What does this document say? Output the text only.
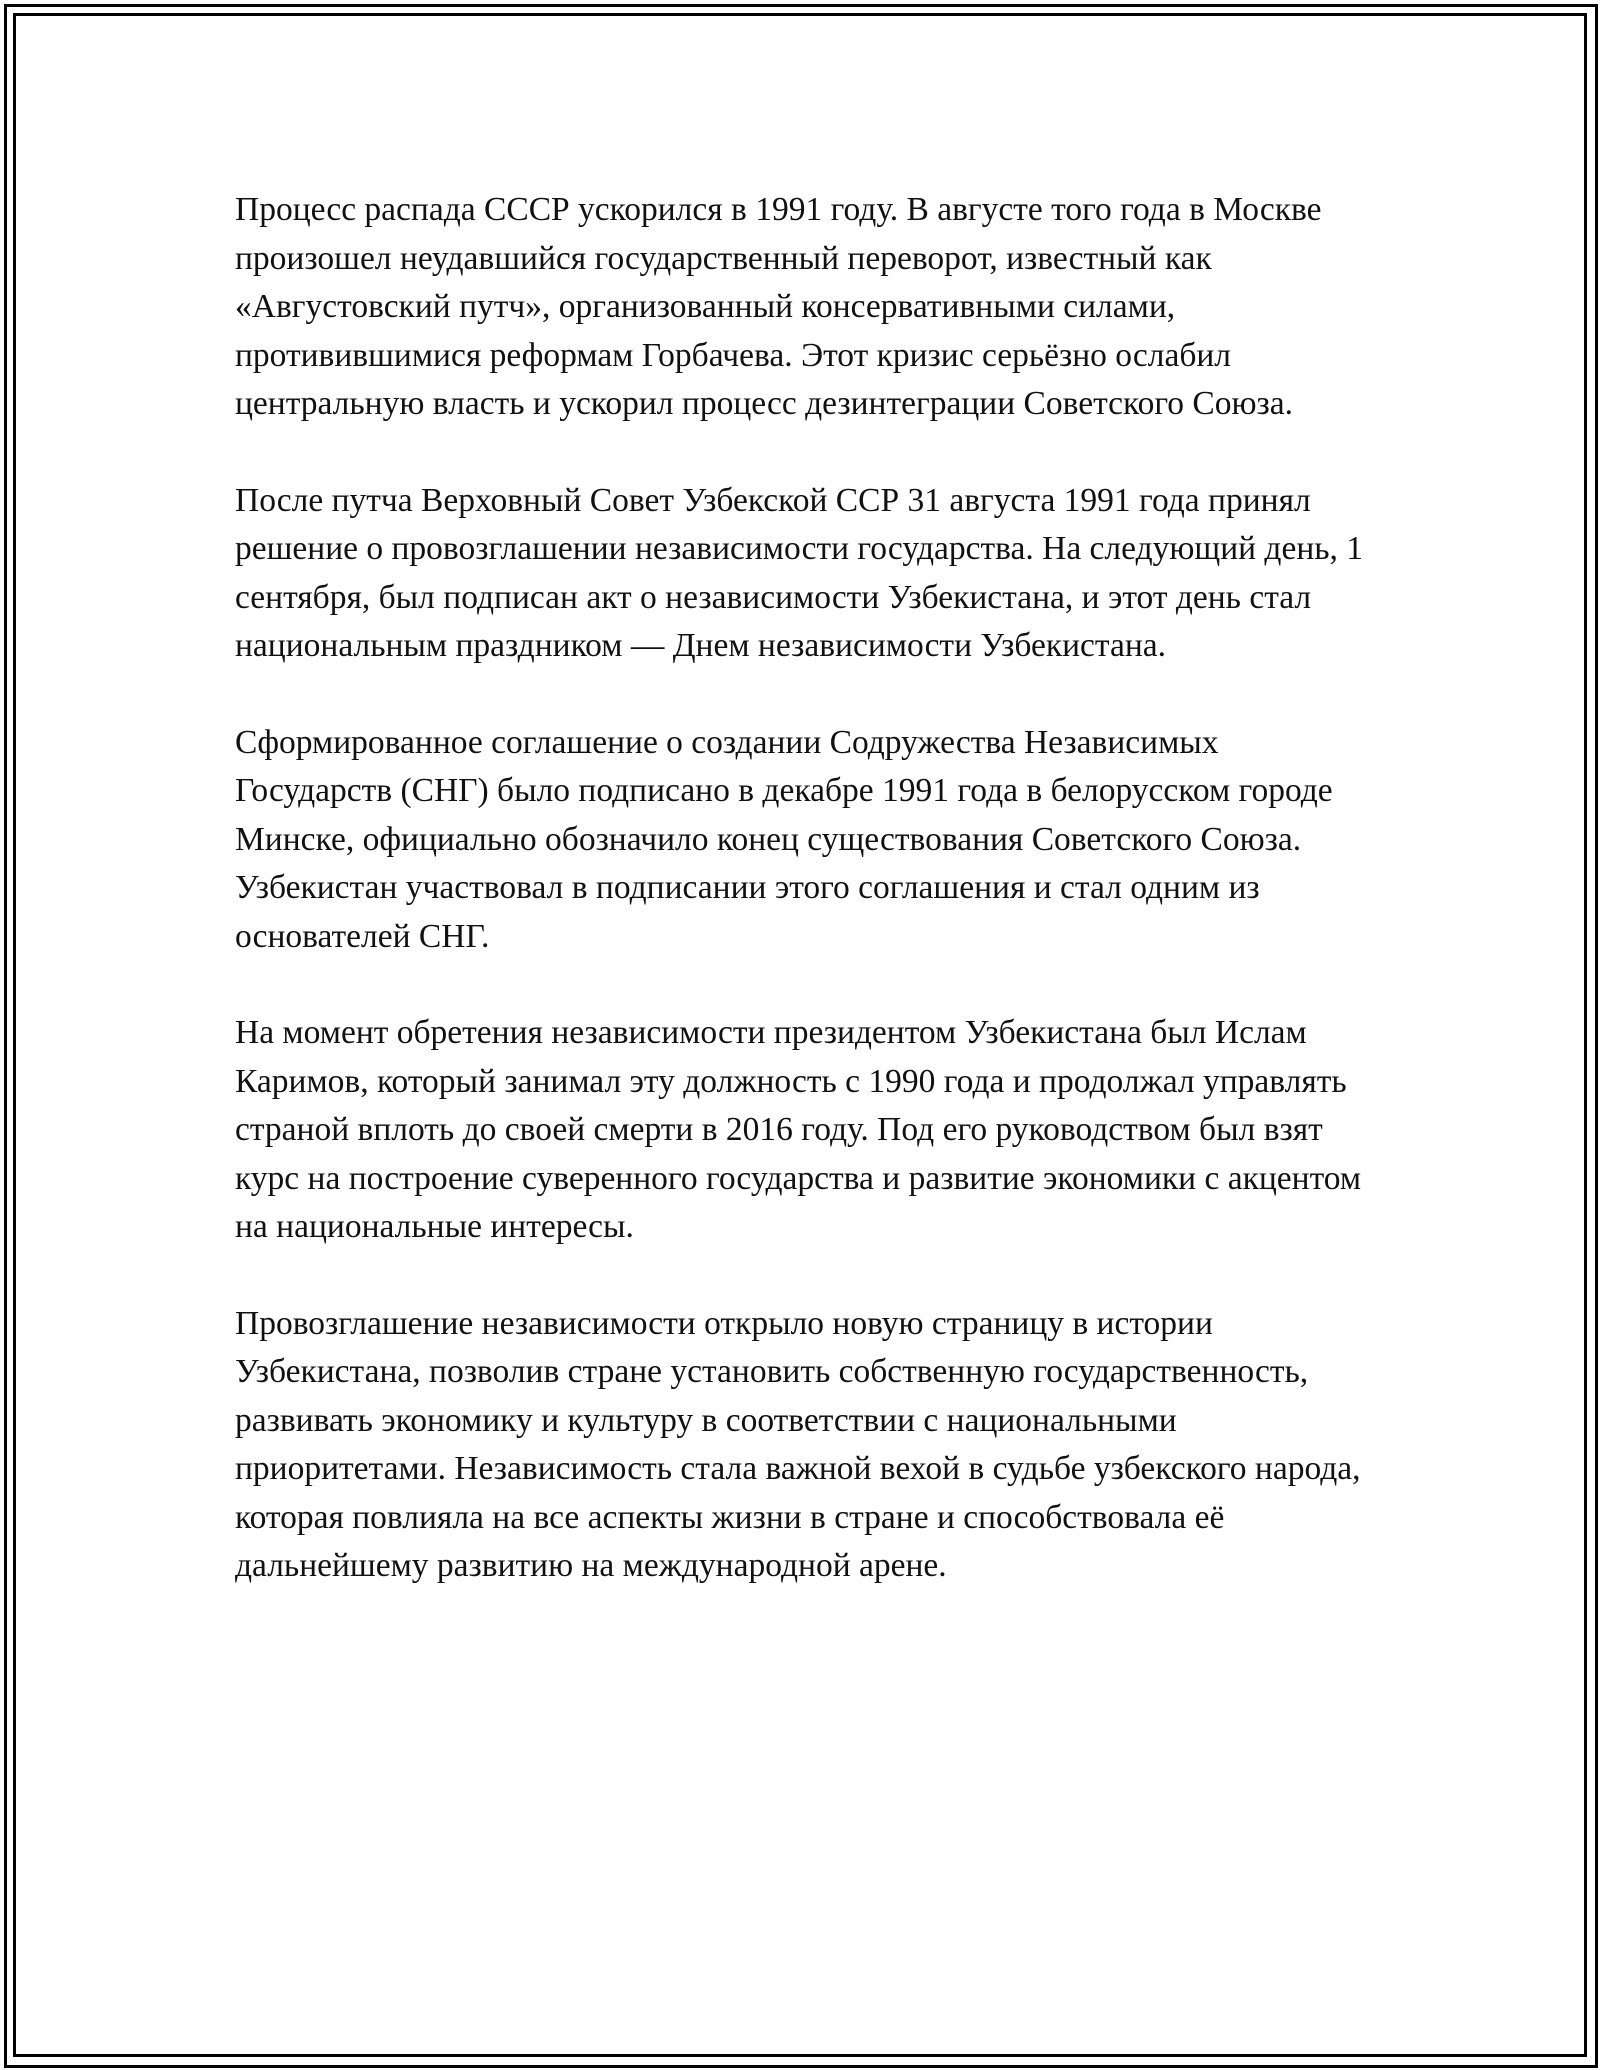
Процесс распада СССР ускорился в 1991 году. В августе того года в Москве произошел неудавшийся государственный переворот, известный как «Августовский путч», организованный консервативными силами, противившимися реформам Горбачева. Этот кризис серьёзно ослабил центральную власть и ускорил процесс дезинтеграции Советского Союза.

После путча Верховный Совет Узбекской ССР 31 августа 1991 года принял решение о провозглашении независимости государства. На следующий день, 1 сентября, был подписан акт о независимости Узбекистана, и этот день стал национальным праздником — Днем независимости Узбекистана.

Сформированное соглашение о создании Содружества Независимых Государств (СНГ) было подписано в декабре 1991 года в белорусском городе Минске, официально обозначило конец существования Советского Союза. Узбекистан участвовал в подписании этого соглашения и стал одним из основателей СНГ.

На момент обретения независимости президентом Узбекистана был Ислам Каримов, который занимал эту должность с 1990 года и продолжал управлять страной вплоть до своей смерти в 2016 году. Под его руководством был взят курс на построение суверенного государства и развитие экономики с акцентом на национальные интересы.

Провозглашение независимости открыло новую страницу в истории Узбекистана, позволив стране установить собственную государственность, развивать экономику и культуру в соответствии с национальными приоритетами. Независимость стала важной вехой в судьбе узбекского народа, которая повлияла на все аспекты жизни в стране и способствовала её дальнейшему развитию на международной арене.
